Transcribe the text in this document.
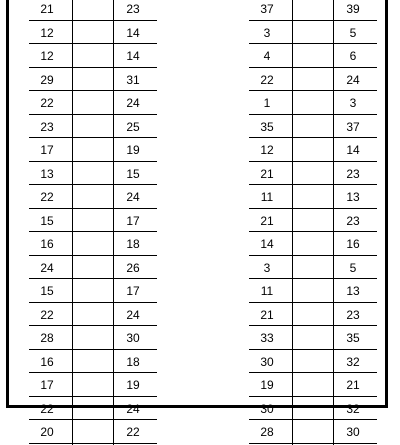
21	23
12	14
12	14
29	31
22	24
23	25
17	19
13	15
22	24
15	17
16	18
24	26
15	17
22	24
28	30
16	18
17	19
22	24
20	22
37	39
3	5
4	6
22	24
1	3
35	37
12	14
21	23
11	13
21	23
14	16
3	5
11	13
21	23
33	35
30	32
19	21
30	32
28	30
